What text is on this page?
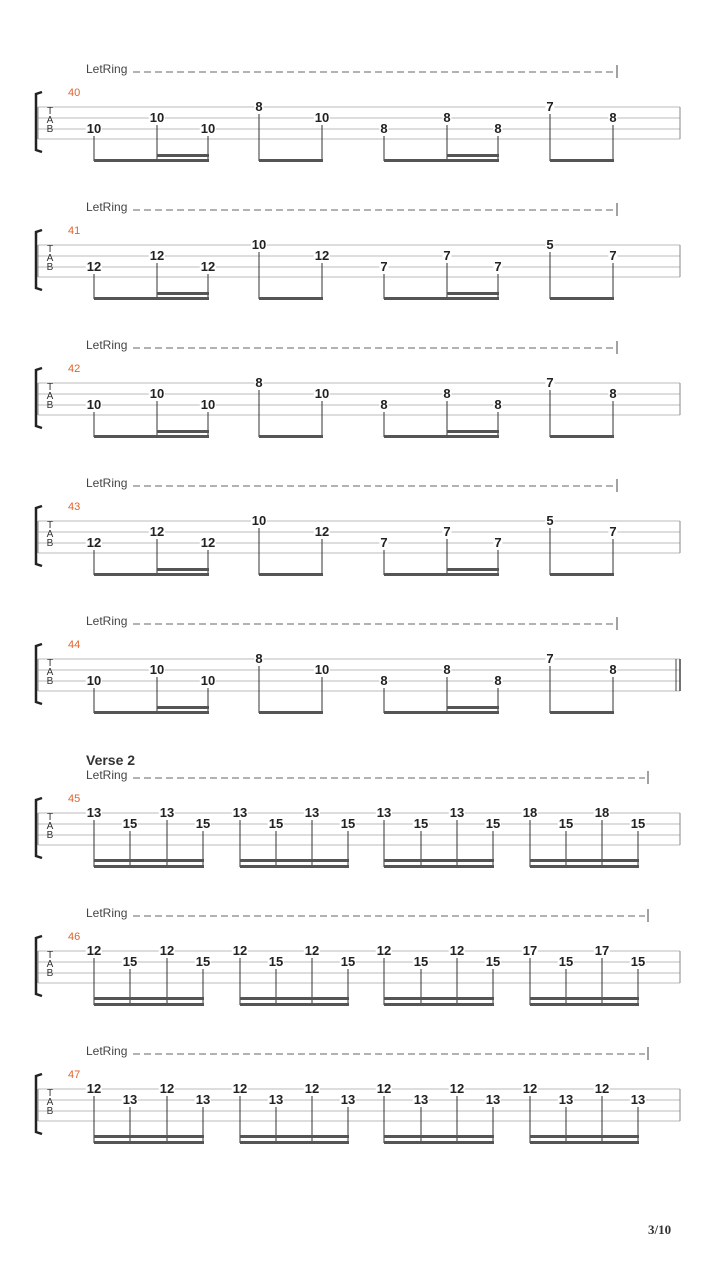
LetRing
T
A
B
40
10
10
10
8
10
8
8
8
7
8
LetRing
T
A
B
41
12
12
12
10
12
7
7
7
5
7
LetRing
T
A
B
42
10
10
10
8
10
8
8
8
7
8
LetRing
T
A
B
43
12
12
12
10
12
7
7
7
5
7
LetRing
T
A
B
44
10
10
10
8
10
8
8
8
7
8
Verse 2
LetRing
T
A
B
45
13
15
13
15
13
15
13
15
13
15
13
15
18
15
18
15
LetRing
T
A
B
46
12
15
12
15
12
15
12
15
12
15
12
15
17
15
17
15
LetRing
T
A
B
47
12
13
12
13
12
13
12
13
12
13
12
13
12
13
12
13
3/10
